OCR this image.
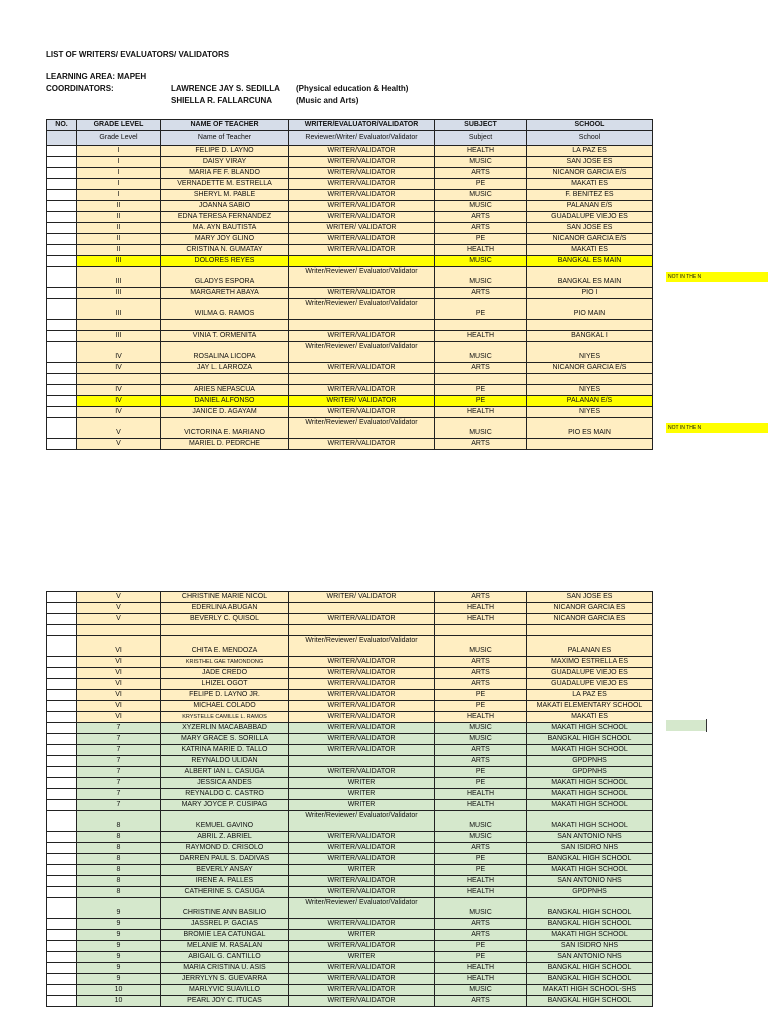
LIST OF WRITERS/ EVALUATORS/ VALIDATORS
LEARNING AREA: MAPEH
COORDINATORS:	LAWRENCE JAY S. SEDILLA (Physical education & Health)
SHIELLA R. FALLARCUNA	(Music and Arts)
NO.	GRADE LEVEL	NAME OF TEACHER	WRITER/EVALUATOR/VALIDATOR	SUBJECT	SCHOOL
	Grade Level	Name of Teacher	Reviewer/Writer/ Evaluator/Validator	Subject	School
	I	FELIPE D. LAYNO	WRITER/VALIDATOR	HEALTH	LA PAZ ES
	I	DAISY VIRAY	WRITER/VALIDATOR	MUSIC	SAN JOSE ES
	I	MARIA FE F. BLANDO	WRITER/VALIDATOR	ARTS	NICANOR GARCIA E/S
	I	VERNADETTE M. ESTRELLA	WRITER/VALIDATOR	PE	MAKATI ES
	I	SHERYL M. PABLE	WRITER/VALIDATOR	MUSIC	F. BENITEZ ES
	II	JOANNA SABIO	WRITER/VALIDATOR	MUSIC	PALANAN E/S
	II	EDNA TERESA FERNANDEZ	WRITER/VALIDATOR	ARTS	GUADALUPE VIEJO ES
	II	MA. AYN BAUTISTA	WRITER/ VALIDATOR	ARTS	SAN JOSE ES
	II	MARY JOY GLINO	WRITER/VALIDATOR	PE	NICANOR GARCIA E/S
	II	CRISTINA N. GUMATAY	WRITER/VALIDATOR	HEALTH	MAKATI ES
	III	DOLORES REYES		MUSIC	BANGKAL ES MAIN
	III	GLADYS ESPORA	Writer/Reviewer/ Evaluator/Validator	MUSIC	BANGKAL ES MAIN
	III	MARGARETH ABAYA	WRITER/VALIDATOR	ARTS	PIO I
	III	WILMA G. RAMOS	Writer/Reviewer/ Evaluator/Validator	PE	PIO MAIN

	III	VINIA T. ORMENITA	WRITER/VALIDATOR	HEALTH	BANGKAL I
	IV	ROSALINA LICOPA	Writer/Reviewer/ Evaluator/Validator	MUSIC	NIYES
	IV	JAY L. LARROZA	WRITER/VALIDATOR	ARTS	NICANOR GARCIA E/S

	IV	ARIES NEPASCUA	WRITER/VALIDATOR	PE	NIYES
	IV	DANIEL ALFONSO	WRITER/ VALIDATOR	PE	PALANAN E/S
	IV	JANICE D. AGAYAM	WRITER/VALIDATOR	HEALTH	NIYES
	V	VICTORINA E. MARIANO	Writer/Reviewer/ Evaluator/Validator	MUSIC	PIO ES MAIN
	V	MARIEL D. PEDRCHE	WRITER/VALIDATOR	ARTS	
NOT IN THE N
NOT IN THE N
	V	CHRISTINE MARIE NICOL	WRITER/ VALIDATOR	ARTS	SAN JOSE ES
	V	EDERLINA ABUGAN		HEALTH	NICANOR GARCIA ES
	V	BEVERLY C. QUISOL	WRITER/VALIDATOR	HEALTH	NICANOR GARCIA ES

	VI	CHITA E. MENDOZA	Writer/Reviewer/ Evaluator/Validator	MUSIC	PALANAN ES
	VI	KRISTHEL GAE TAMONDONG	WRITER/VALIDATOR	ARTS	MAXIMO ESTRELLA ES
	VI	JADE CREDO	WRITER/VALIDATOR	ARTS	GUADALUPE VIEJO ES
	VI	LHIZEL OGOT	WRITER/VALIDATOR	ARTS	GUADALUPE VIEJO ES
	VI	FELIPE D. LAYNO JR.	WRITER/VALIDATOR	PE	LA PAZ ES
	VI	MICHAEL COLADO	WRITER/VALIDATOR	PE	MAKATI ELEMENTARY SCHOOL
	VI	KRYSTELLE CAMILLE L. RAMOS	WRITER/VALIDATOR	HEALTH	MAKATI ES
	7	XYZERLIN MACABABBAD	WRITER/VALIDATOR	MUSIC	MAKATI HIGH SCHOOL
	7	MARY GRACE S. SORILLA	WRITER/VALIDATOR	MUSIC	BANGKAL HIGH SCHOOL
	7	KATRINA MARIE D. TALLO	WRITER/VALIDATOR	ARTS	MAKATI HIGH SCHOOL
	7	REYNALDO ULIDAN		ARTS	GPDPNHS
	7	ALBERT IAN L. CASUGA	WRITER/VALIDATOR	PE	GPDPNHS
	7	JESSICA ANDES	WRITER	PE	MAKATI HIGH SCHOOL
	7	REYNALDO C. CASTRO	WRITER	HEALTH	MAKATI HIGH SCHOOL
	7	MARY JOYCE P. CUSIPAG	WRITER	HEALTH	MAKATI HIGH SCHOOL
	8	KEMUEL GAVINO	Writer/Reviewer/ Evaluator/Validator	MUSIC	MAKATI HIGH SCHOOL
	8	ABRIL Z. ABRIEL	WRITER/VALIDATOR	MUSIC	SAN ANTONIO NHS
	8	RAYMOND D. CRISOLO	WRITER/VALIDATOR	ARTS	SAN ISIDRO NHS
	8	DARREN PAUL S. DADIVAS	WRITER/VALIDATOR	PE	BANGKAL HIGH SCHOOL
	8	BEVERLY ANSAY	WRITER	PE	MAKATI HIGH SCHOOL
	8	IRENE A. PALLES	WRITER/VALIDATOR	HEALTH	SAN ANTONIO NHS
	8	CATHERINE S. CASUGA	WRITER/VALIDATOR	HEALTH	GPDPNHS
	9	CHRISTINE ANN BASILIO	Writer/Reviewer/ Evaluator/Validator	MUSIC	BANGKAL HIGH SCHOOL
	9	JASSREL P. GACIAS	WRITER/VALIDATOR	ARTS	BANGKAL HIGH SCHOOL
	9	BROMIE LEA CATUNGAL	WRITER	ARTS	MAKATI HIGH SCHOOL
	9	MELANIE M. RASALAN	WRITER/VALIDATOR	PE	SAN ISIDRO NHS
	9	ABIGAIL G. CANTILLO	WRITER	PE	SAN ANTONIO NHS
	9	MARIA CRISTINA U. ASIS	WRITER/VALIDATOR	HEALTH	BANGKAL HIGH SCHOOL
	9	JERRYLYN S. GUEVARRA	WRITER/VALIDATOR	HEALTH	BANGKAL HIGH SCHOOL
	10	MARLYVIC SUAVILLO	WRITER/VALIDATOR	MUSIC	MAKATI HIGH SCHOOL-SHS
	10	PEARL JOY C. ITUCAS	WRITER/VALIDATOR	ARTS	BANGKAL HIGH SCHOOL
